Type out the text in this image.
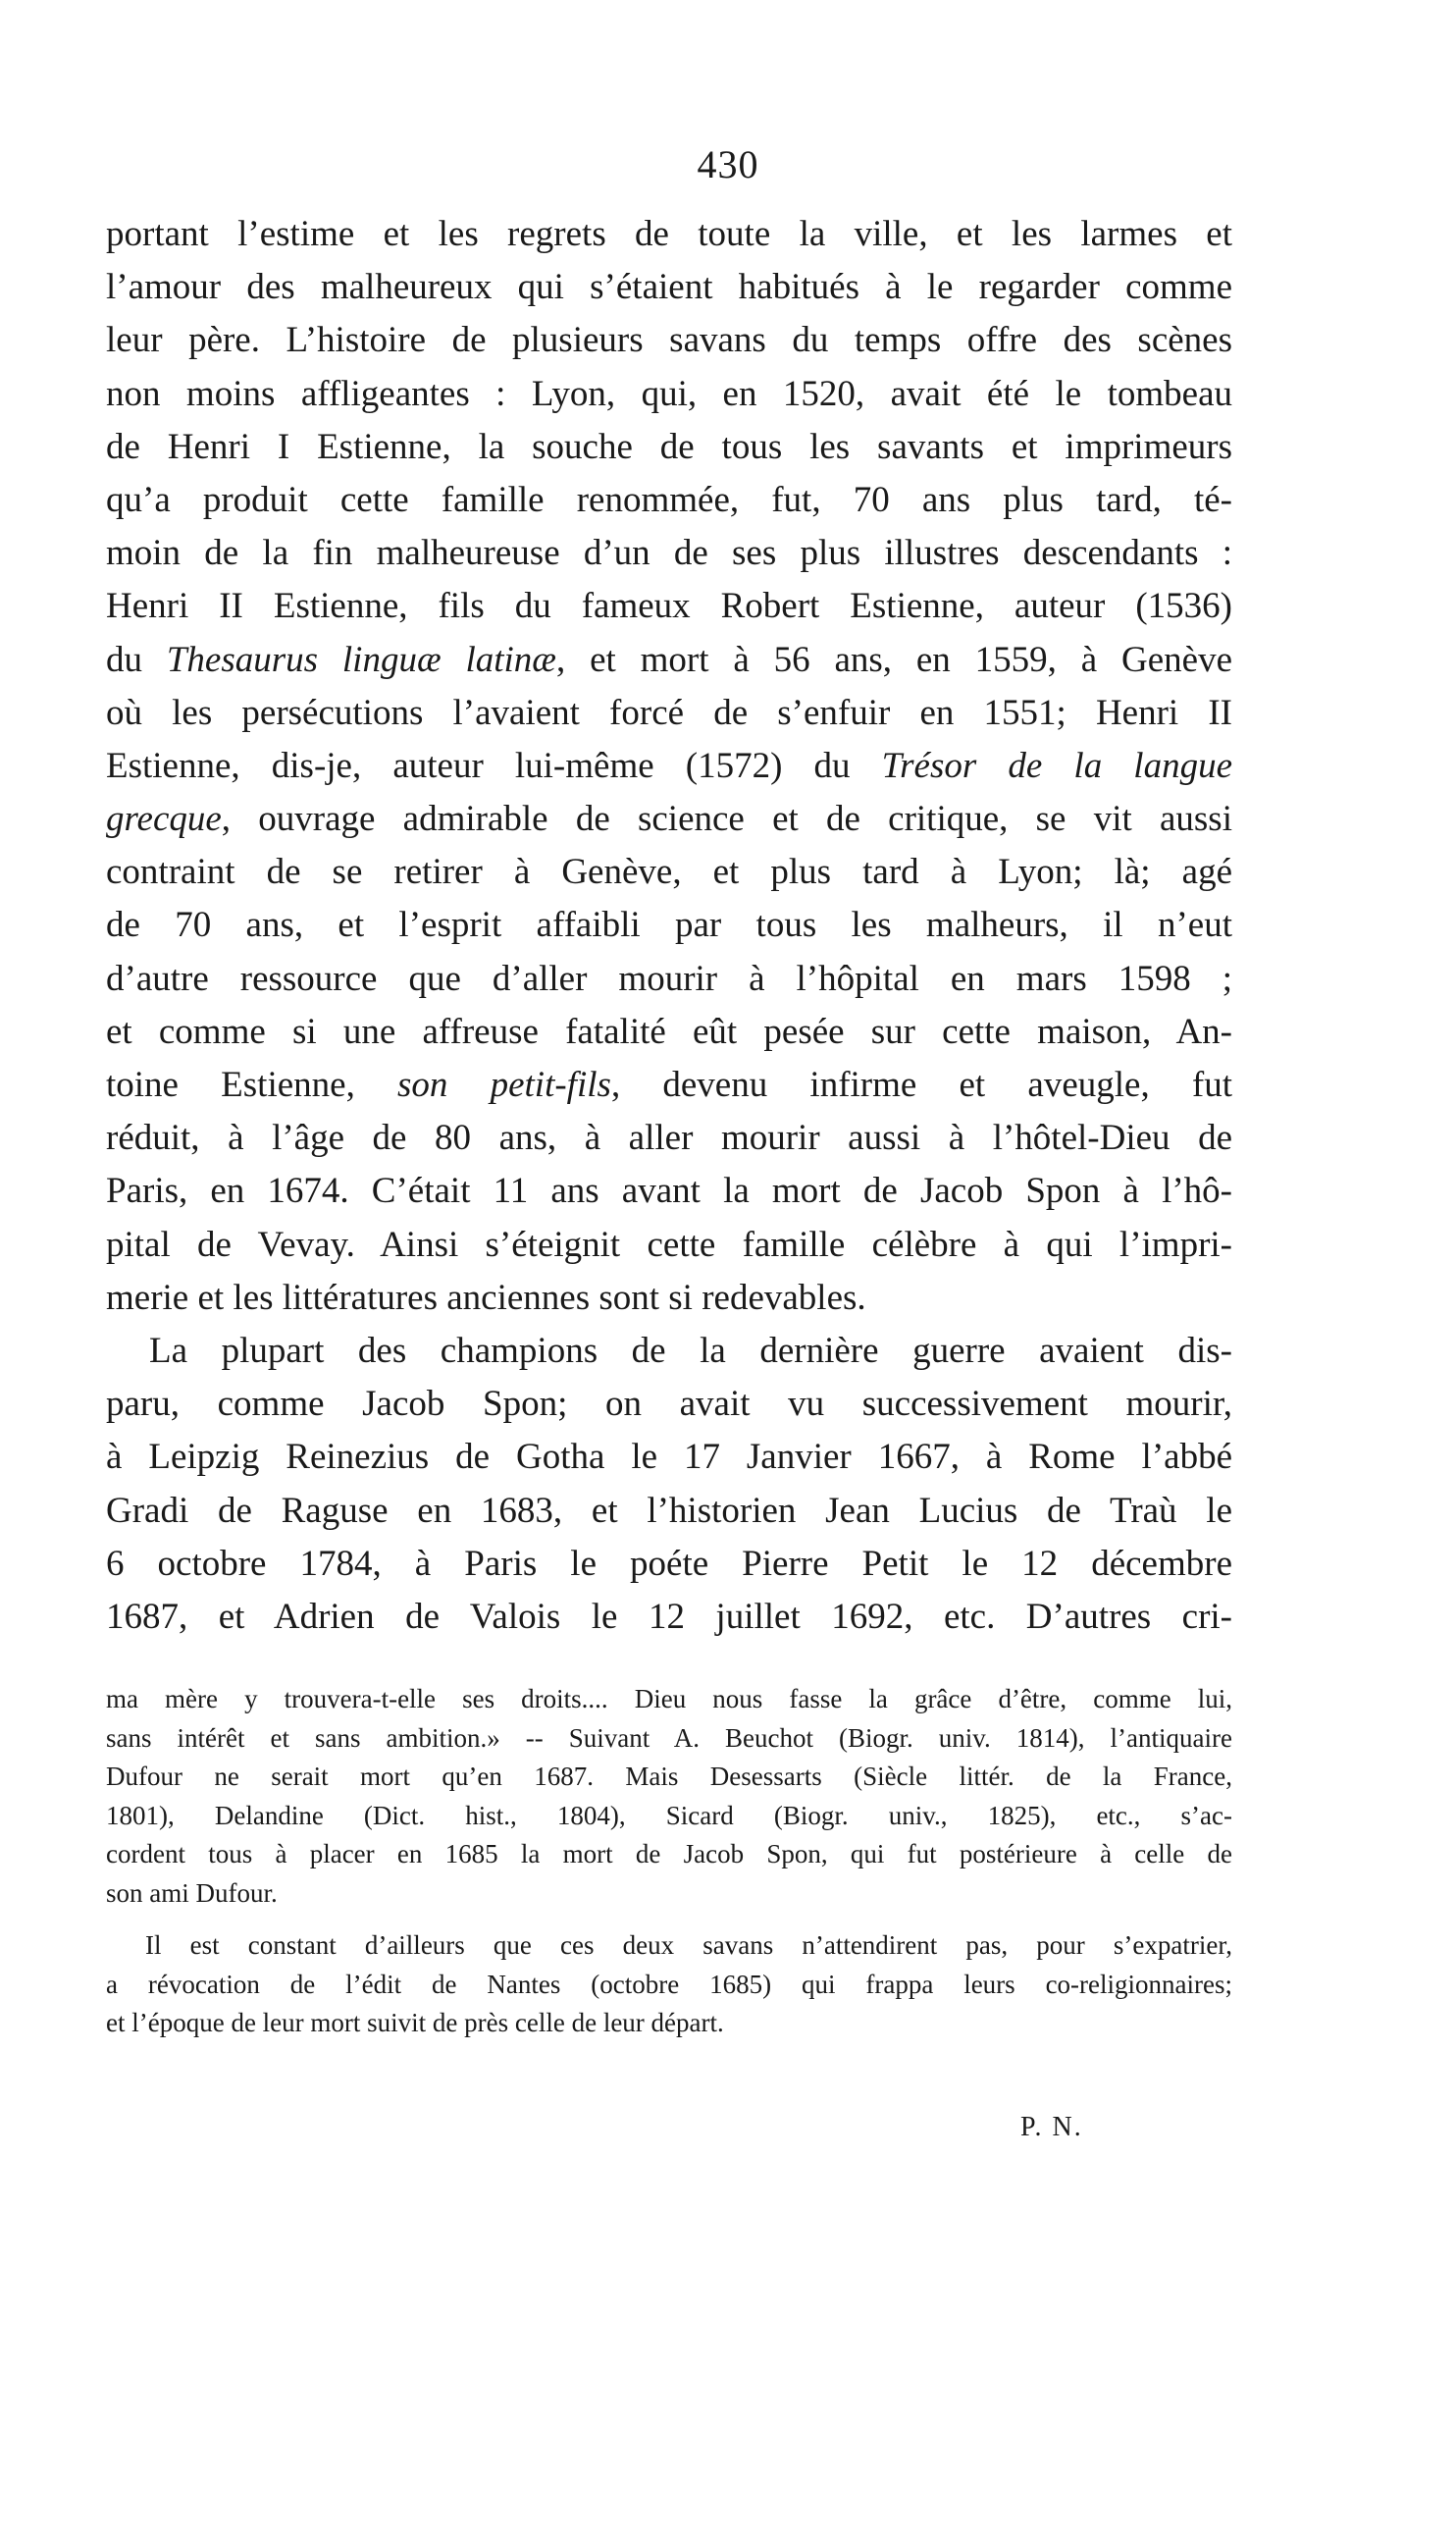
430
portant l’estime et les regrets de toute la ville, et les larmes et
l’amour des malheureux qui s’étaient habitués à le regarder comme
leur père. L’histoire de plusieurs savans du temps offre des scènes
non moins affligeantes : Lyon, qui, en 1520, avait été le tombeau
de Henri I Estienne, la souche de tous les savants et imprimeurs
qu’a produit cette famille renommée, fut, 70 ans plus tard, té-
moin de la fin malheureuse d’un de ses plus illustres descendants :
Henri II Estienne, fils du fameux Robert Estienne, auteur (1536)
du Thesaurus linguæ latinæ, et mort à 56 ans, en 1559, à Genève
où les persécutions l’avaient forcé de s’enfuir en 1551; Henri II
Estienne, dis-je, auteur lui-même (1572) du Trésor de la langue
grecque, ouvrage admirable de science et de critique, se vit aussi
contraint de se retirer à Genève, et plus tard à Lyon; là; agé
de 70 ans, et l’esprit affaibli par tous les malheurs, il n’eut
d’autre ressource que d’aller mourir à l’hôpital en mars 1598 ;
et comme si une affreuse fatalité eût pesée sur cette maison, An-
toine Estienne, son petit-fils, devenu infirme et aveugle, fut
réduit, à l’âge de 80 ans, à aller mourir aussi à l’hôtel-Dieu de
Paris, en 1674. C’était 11 ans avant la mort de Jacob Spon à l’hô-
pital de Vevay. Ainsi s’éteignit cette famille célèbre à qui l’impri-
merie et les littératures anciennes sont si redevables.
La plupart des champions de la dernière guerre avaient dis-
paru, comme Jacob Spon; on avait vu successivement mourir,
à Leipzig Reinezius de Gotha le 17 Janvier 1667, à Rome l’abbé
Gradi de Raguse en 1683, et l’historien Jean Lucius de Traù le
6 octobre 1784, à Paris le poéte Pierre Petit le 12 décembre
1687, et Adrien de Valois le 12 juillet 1692, etc. D’autres cri-
ma mère y trouvera-t-elle ses droits.... Dieu nous fasse la grâce d’être, comme lui,
sans intérêt et sans ambition.» -- Suivant A. Beuchot (Biogr. univ. 1814), l’antiquaire
Dufour ne serait mort qu’en 1687. Mais Desessarts (Siècle littér. de la France,
1801), Delandine (Dict. hist., 1804), Sicard (Biogr. univ., 1825), etc., s’ac-
cordent tous à placer en 1685 la mort de Jacob Spon, qui fut postérieure à celle de
son ami Dufour.
Il est constant d’ailleurs que ces deux savans n’attendirent pas, pour s’expatrier,
a révocation de l’édit de Nantes (octobre 1685) qui frappa leurs co-religionnaires;
et l’époque de leur mort suivit de près celle de leur départ.
P. N.
